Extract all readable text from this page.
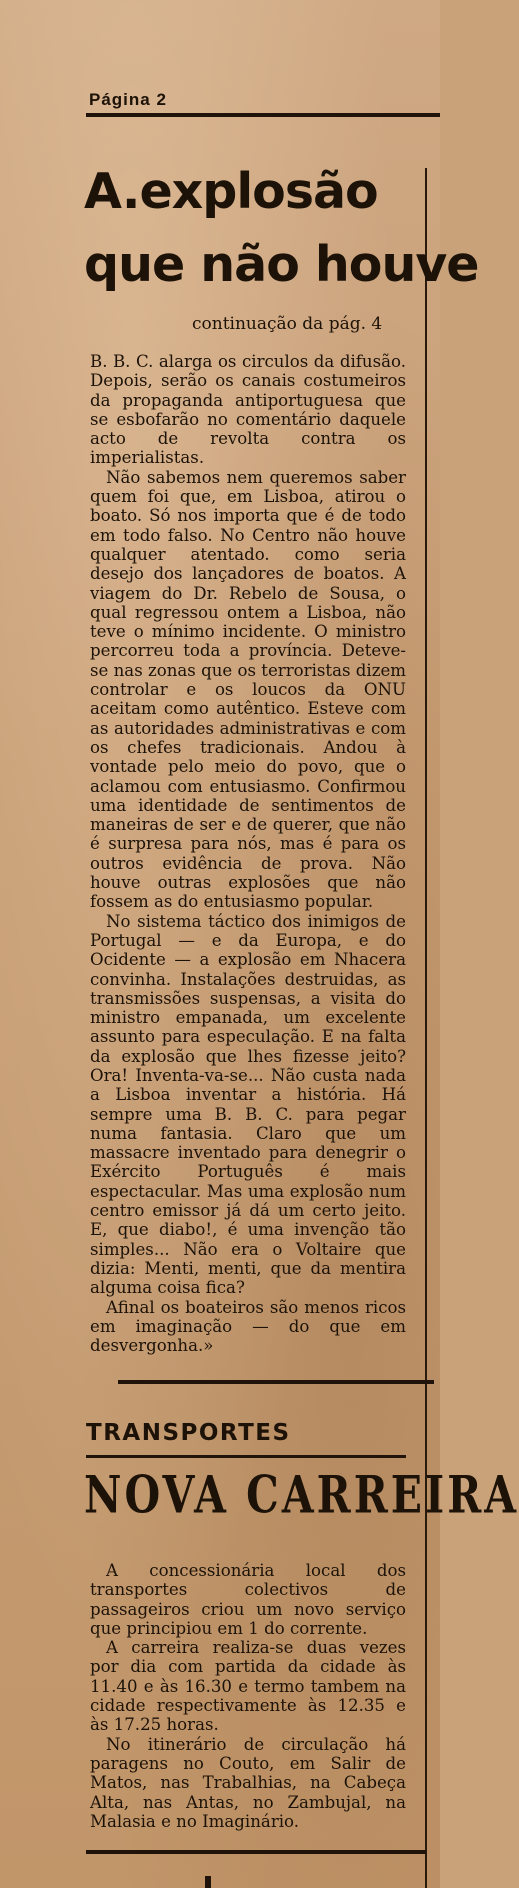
Página 2
A.explosão
que não houve
continuação da pág. 4

B. B. C. alarga os circulos da difusão. Depois, serão os canais costumeiros da propaganda antiportuguesa que se esbofarão no comentário daquele acto de revolta contra os imperialistas.

Não sabemos nem queremos saber quem foi que, em Lisboa, atirou o boato. Só nos importa que é de todo em todo falso. No Centro não houve qualquer atentado. como seria desejo dos lançadores de boatos. A viagem do Dr. Rebelo de Sousa, o qual regressou ontem a Lisboa, não teve o mínimo incidente. O ministro percorreu toda a província. Deteve-se nas zonas que os terroristas dizem controlar e os loucos da ONU aceitam como autêntico. Esteve com as autoridades administrativas e com os chefes tradicionais. Andou à vontade pelo meio do povo, que o aclamou com entusiasmo. Confirmou uma identidade de sentimentos de maneiras de ser e de querer, que não é surpresa para nós, mas é para os outros evidência de prova. Não houve outras explosões que não fossem as do entusiasmo popular.

No sistema táctico dos inimigos de Portugal — e da Europa, e do Ocidente — a explosão em Nhacera convinha. Instalações destruidas, as transmissões suspensas, a visita do ministro empanada, um excelente assunto para especulação. E na falta da explosão que lhes fizesse jeito? Ora! Inventa-va-se... Não custa nada a Lisboa inventar a história. Há sempre uma B. B. C. para pegar numa fantasia. Claro que um massacre inventado para denegrir o Exército Português é mais espectacular. Mas uma explosão num centro emissor já dá um certo jeito. E, que diabo!, é uma invenção tão simples... Não era o Voltaire que dizia: Menti, menti, que da mentira alguma coisa fica?

Afinal os boateiros são menos ricos em imaginação — do que em desvergonha.»

TRANSPORTES
NOVA CARREIRA

A concessionária local dos transportes colectivos de passageiros criou um novo serviço que principiou em 1 do corrente.

A carreira realiza-se duas vezes por dia com partida da cidade às 11.40 e às 16.30 e termo tambem na cidade respectivamente às 12.35 e às 17.25 horas.

No itinerário de circulação há paragens no Couto, em Salir de Matos, nas Trabalhias, na Cabeça Alta, nas Antas, no Zambujal, na Malasia e no Imaginário.
